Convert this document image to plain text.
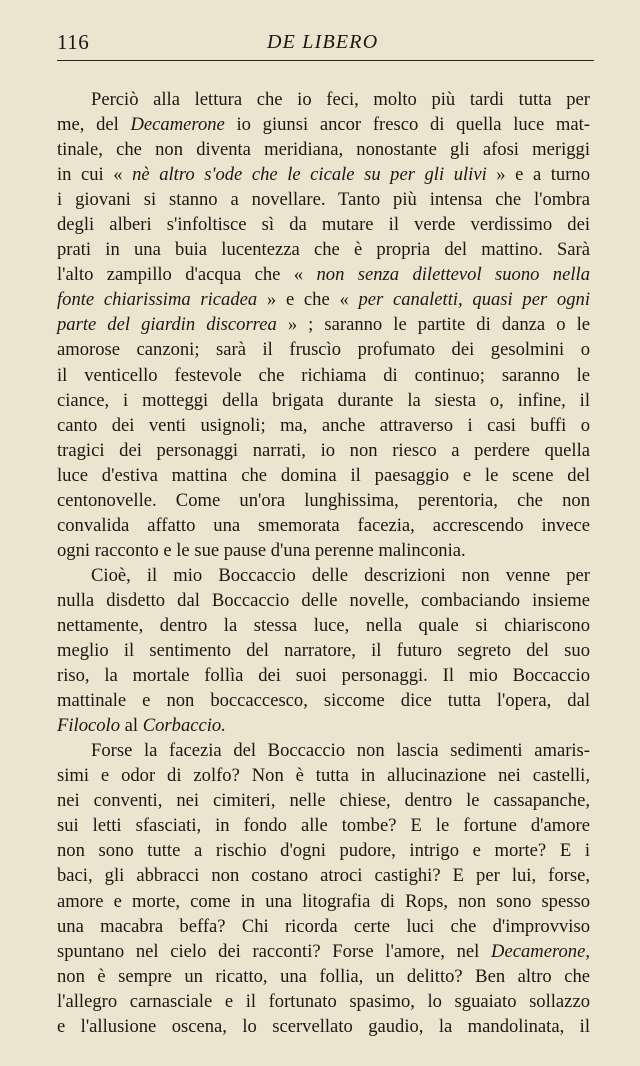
116	DE LIBERO
Perciò alla lettura che io feci, molto più tardi tutta per
me, del Decamerone io giunsi ancor fresco di quella luce mat-
tinale, che non diventa meridiana, nonostante gli afosi meriggi
in cui « nè altro s'ode che le cicale su per gli ulivi » e a turno
i giovani si stanno a novellare. Tanto più intensa che l'ombra
degli alberi s'infoltisce sì da mutare il verde verdissimo dei
prati in una buia lucentezza che è propria del mattino. Sarà
l'alto zampillo d'acqua che « non senza dilettevol suono nella
fonte chiarissima ricadea » e che « per canaletti, quasi per ogni
parte del giardin discorrea » ; saranno le partite di danza o le
amorose canzoni; sarà il fruscìo profumato dei gesolmini o
il venticello festevole che richiama di continuo; saranno le
ciance, i motteggi della brigata durante la siesta o, infine, il
canto dei venti usignoli; ma, anche attraverso i casi buffi o
tragici dei personaggi narrati, io non riesco a perdere quella
luce d'estiva mattina che domina il paesaggio e le scene del
centonovelle. Come un'ora lunghissima, perentoria, che non
convalida affatto una smemorata facezia, accrescendo invece
ogni racconto e le sue pause d'una perenne malinconia.
Cioè, il mio Boccaccio delle descrizioni non venne per
nulla disdetto dal Boccaccio delle novelle, combaciando insieme
nettamente, dentro la stessa luce, nella quale si chiariscono
meglio il sentimento del narratore, il futuro segreto del suo
riso, la mortale follìa dei suoi personaggi. Il mio Boccaccio
mattinale e non boccaccesco, siccome dice tutta l'opera, dal
Filocolo al Corbaccio.
Forse la facezia del Boccaccio non lascia sedimenti amaris-
simi e odor di zolfo? Non è tutta in allucinazione nei castelli,
nei conventi, nei cimiteri, nelle chiese, dentro le cassapanche,
sui letti sfasciati, in fondo alle tombe? E le fortune d'amore
non sono tutte a rischio d'ogni pudore, intrigo e morte? E i
baci, gli abbracci non costano atroci castighi? E per lui, forse,
amore e morte, come in una litografia di Rops, non sono spesso
una macabra beffa? Chi ricorda certe luci che d'improvviso
spuntano nel cielo dei racconti? Forse l'amore, nel Decamerone,
non è sempre un ricatto, una follia, un delitto? Ben altro che
l'allegro carnasciale e il fortunato spasimo, lo sguaiato sollazzo
e l'allusione oscena, lo scervellato gaudio, la mandolinata, il
